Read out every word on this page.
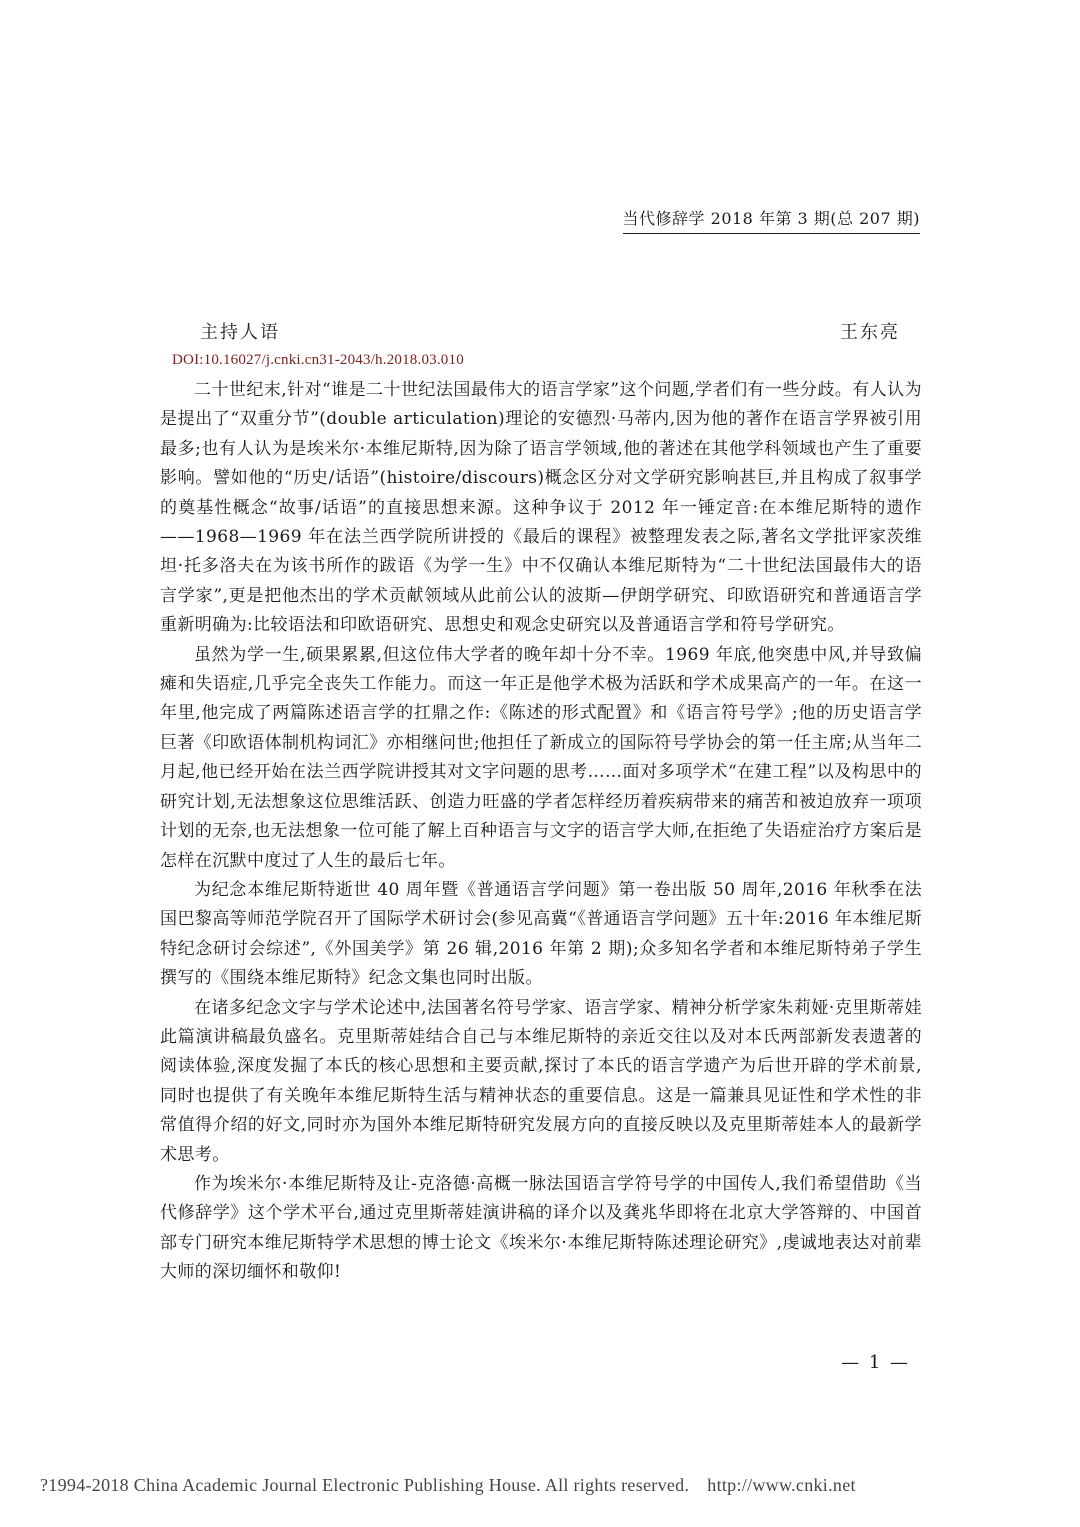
当代修辞学 2018 年第 3 期(总 207 期)
主持人语	王东亮
DOI:10.16027/j.cnki.cn31-2043/h.2018.03.010

二十世纪末,针对“谁是二十世纪法国最伟大的语言学家”这个问题,学者们有一些分歧。有人认为是提出了“双重分节”(double articulation)理论的安德烈·马蒂内,因为他的著作在语言学界被引用最多;也有人认为是埃米尔·本维尼斯特,因为除了语言学领域,他的著述在其他学科领域也产生了重要影响。譬如他的“历史/话语”(histoire/discours)概念区分对文学研究影响甚巨,并且构成了叙事学的奠基性概念“故事/话语”的直接思想来源。这种争议于 2012 年一锤定音:在本维尼斯特的遗作——1968—1969 年在法兰西学院所讲授的《最后的课程》被整理发表之际,著名文学批评家茨维坦·托多洛夫在为该书所作的跋语《为学一生》中不仅确认本维尼斯特为“二十世纪法国最伟大的语言学家”,更是把他杰出的学术贡献领域从此前公认的波斯—伊朗学研究、印欧语研究和普通语言学重新明确为:比较语法和印欧语研究、思想史和观念史研究以及普通语言学和符号学研究。

虽然为学一生,硕果累累,但这位伟大学者的晚年却十分不幸。1969 年底,他突患中风,并导致偏瘫和失语症,几乎完全丧失工作能力。而这一年正是他学术极为活跃和学术成果高产的一年。在这一年里,他完成了两篇陈述语言学的扛鼎之作:《陈述的形式配置》和《语言符号学》;他的历史语言学巨著《印欧语体制机构词汇》亦相继问世;他担任了新成立的国际符号学协会的第一任主席;从当年二月起,他已经开始在法兰西学院讲授其对文字问题的思考……面对多项学术“在建工程”以及构思中的研究计划,无法想象这位思维活跃、创造力旺盛的学者怎样经历着疾病带来的痛苦和被迫放弃一项项计划的无奈,也无法想象一位可能了解上百种语言与文字的语言学大师,在拒绝了失语症治疗方案后是怎样在沉默中度过了人生的最后七年。

为纪念本维尼斯特逝世 40 周年暨《普通语言学问题》第一卷出版 50 周年,2016 年秋季在法国巴黎高等师范学院召开了国际学术研讨会(参见高冀“《普通语言学问题》五十年:2016 年本维尼斯特纪念研讨会综述”,《外国美学》第 26 辑,2016 年第 2 期);众多知名学者和本维尼斯特弟子学生撰写的《围绕本维尼斯特》纪念文集也同时出版。

在诸多纪念文字与学术论述中,法国著名符号学家、语言学家、精神分析学家朱莉娅·克里斯蒂娃此篇演讲稿最负盛名。克里斯蒂娃结合自己与本维尼斯特的亲近交往以及对本氏两部新发表遗著的阅读体验,深度发掘了本氏的核心思想和主要贡献,探讨了本氏的语言学遗产为后世开辟的学术前景,同时也提供了有关晚年本维尼斯特生活与精神状态的重要信息。这是一篇兼具见证性和学术性的非常值得介绍的好文,同时亦为国外本维尼斯特研究发展方向的直接反映以及克里斯蒂娃本人的最新学术思考。

作为埃米尔·本维尼斯特及让-克洛德·高概一脉法国语言学符号学的中国传人,我们希望借助《当代修辞学》这个学术平台,通过克里斯蒂娃演讲稿的译介以及龚兆华即将在北京大学答辩的、中国首部专门研究本维尼斯特学术思想的博士论文《埃米尔·本维尼斯特陈述理论研究》,虔诚地表达对前辈大师的深切缅怀和敬仰!

— 1 —
?1994-2018 China Academic Journal Electronic Publishing House. All rights reserved. http://www.cnki.net
